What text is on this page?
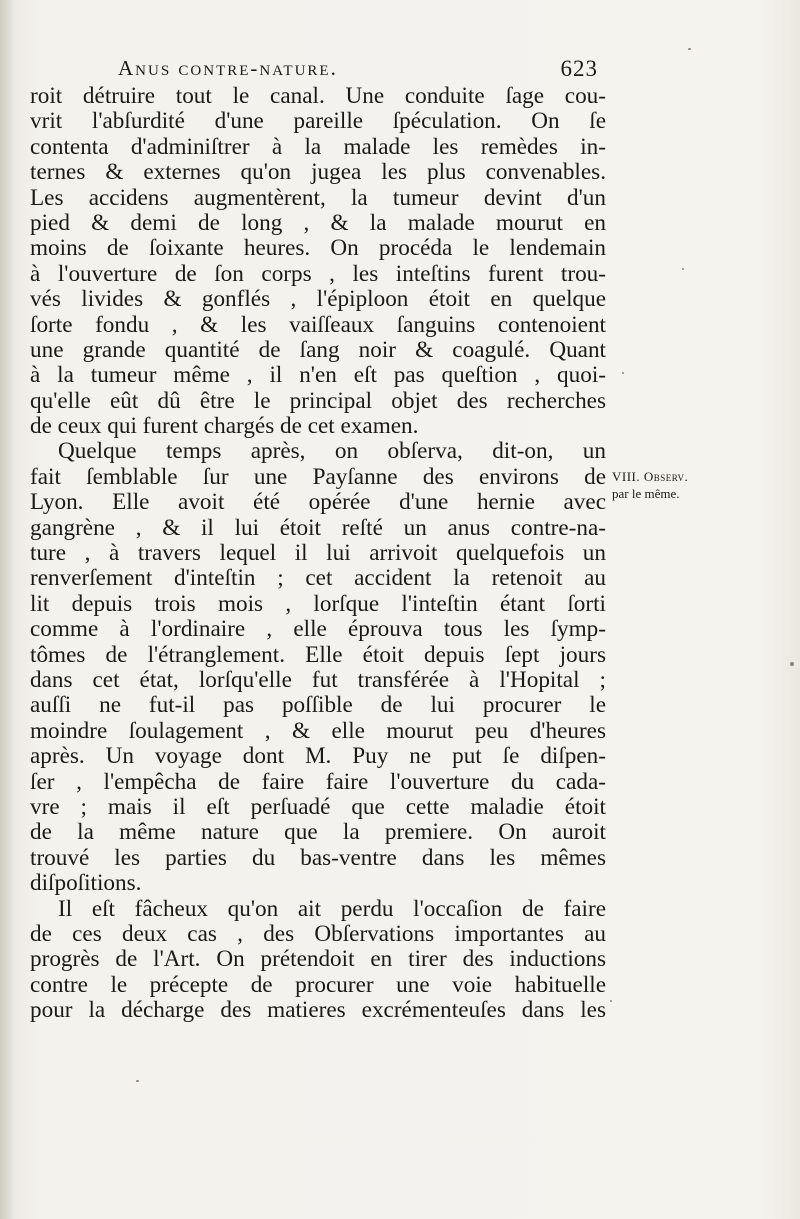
Anus contre-nature.	623
roit détruire tout le canal. Une conduite ſage cou-
vrit l'abſurdité d'une pareille ſpéculation. On ſe
contenta d'adminiſtrer à la malade les remèdes in-
ternes & externes qu'on jugea les plus convenables.
Les accidens augmentèrent, la tumeur devint d'un
pied & demi de long , & la malade mourut en
moins de ſoixante heures. On procéda le lendemain
à l'ouverture de ſon corps , les inteſtins furent trou-
vés livides & gonflés , l'épiploon étoit en quelque
ſorte fondu , & les vaiſſeaux ſanguins contenoient
une grande quantité de ſang noir & coagulé. Quant
à la tumeur même , il n'en eſt pas queſtion , quoi-
qu'elle eût dû être le principal objet des recherches
de ceux qui furent chargés de cet examen.
Quelque temps après, on obſerva, dit-on, un
fait ſemblable ſur une Payſanne des environs de
Lyon. Elle avoit été opérée d'une hernie avec
gangrène , & il lui étoit reſté un anus contre-na-
ture , à travers lequel il lui arrivoit quelquefois un
renverſement d'inteſtin ; cet accident la retenoit au
lit depuis trois mois , lorſque l'inteſtin étant ſorti
comme à l'ordinaire , elle éprouva tous les ſymp-
tômes de l'étranglement. Elle étoit depuis ſept jours
dans cet état, lorſqu'elle fut transférée à l'Hopital ;
auſſi ne fut-il pas poſſible de lui procurer le
moindre ſoulagement , & elle mourut peu d'heures
après. Un voyage dont M. Puy ne put ſe diſpen-
ſer , l'empêcha de faire faire l'ouverture du cada-
vre ; mais il eſt perſuadé que cette maladie étoit
de la même nature que la premiere. On auroit
trouvé les parties du bas-ventre dans les mêmes
diſpoſitions.
Il eſt fâcheux qu'on ait perdu l'occaſion de faire
de ces deux cas , des Obſervations importantes au
progrès de l'Art. On prétendoit en tirer des inductions
contre le précepte de procurer une voie habituelle
pour la décharge des matieres excrémenteuſes dans les
VIII. Observ.
par le même.
